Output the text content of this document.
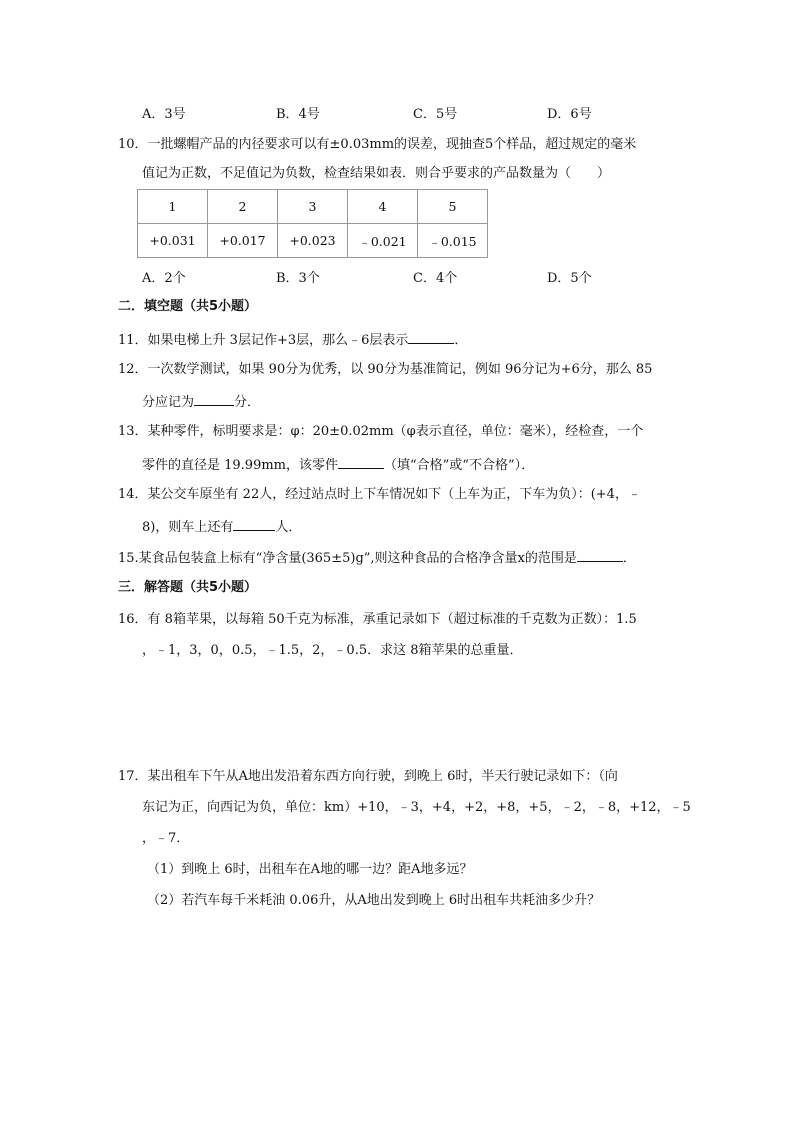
A．3号	B．4号	C．5号	D．6号
10．一批螺帽产品的内径要求可以有±0.03mm的误差，现抽查5个样品，超过规定的毫米
值记为正数，不足值记为负数，检查结果如表．则合乎要求的产品数量为（　　）
1	2	3	4	5
+0.031	+0.017	+0.023	﹣0.021	﹣0.015
A．2个	B．3个	C．4个	D．5个
二．填空题（共5小题）
11．如果电梯上升 3层记作+3层，那么﹣6层表示	．
12．一次数学测试，如果 90分为优秀，以 90分为基准简记，例如 96分记为+6分，那么 85
分应记为	分．
13．某种零件，标明要求是：φ：20±0.02mm（φ表示直径，单位：毫米），经检查，一个
零件的直径是 19.99mm，该零件	（填“合格”或“不合格”）．
14．某公交车原坐有 22人，经过站点时上下车情况如下（上车为正，下车为负）：(+4，﹣
8)，则车上还有	人．
15.某食品包装盒上标有“净含量(365±5)g”,则这种食品的合格净含量x的范围是	．
三．解答题（共5小题）
16．有 8箱苹果，以每箱 50千克为标准，承重记录如下（超过标准的千克数为正数）：1.5
，﹣1，3，0，0.5，﹣1.5，2，﹣0.5．求这 8箱苹果的总重量．
17．某出租车下午从A地出发沿着东西方向行驶，到晚上 6时，半天行驶记录如下：（向
东记为正，向西记为负，单位：km）+10，﹣3，+4，+2，+8，+5，﹣2，﹣8，+12，﹣5
，﹣7．
（1）到晚上 6时，出租车在A地的哪一边？距A地多远？
（2）若汽车每千米耗油 0.06升，从A地出发到晚上 6时出租车共耗油多少升？
